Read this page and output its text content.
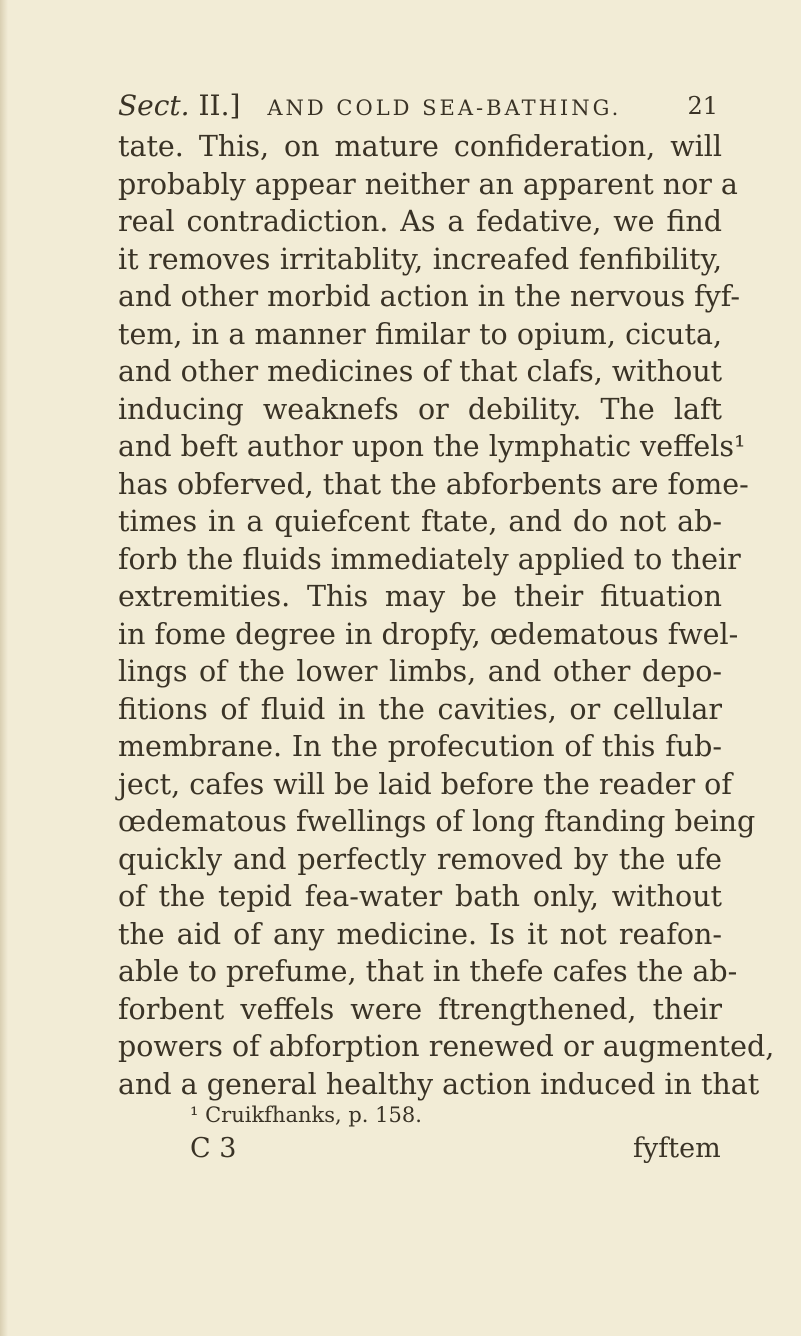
Sect. II.] AND COLD SEA-BATHING.	21
tate. This, on mature confideration, will
probably appear neither an apparent nor a
real contradiction. As a fedative, we find
it removes irritablity, increafed fenfibility,
and other morbid action in the nervous fyf-
tem, in a manner fimilar to opium, cicuta,
and other medicines of that clafs, without
inducing weaknefs or debility. The laft
and beft author upon the lymphatic veffels¹
has obferved, that the abforbents are fome-
times in a quiefcent ftate, and do not ab-
forb the fluids immediately applied to their
extremities. This may be their fituation
in fome degree in dropfy, œdematous fwel-
lings of the lower limbs, and other depo-
fitions of fluid in the cavities, or cellular
membrane. In the profecution of this fub-
ject, cafes will be laid before the reader of
œdematous fwellings of long ftanding being
quickly and perfectly removed by the ufe
of the tepid fea-water bath only, without
the aid of any medicine. Is it not reafon-
able to prefume, that in thefe cafes the ab-
forbent veffels were ftrengthened, their
powers of abforption renewed or augmented,
and a general healthy action induced in that
¹ Cruikfhanks, p. 158.
C 3	fyftem
